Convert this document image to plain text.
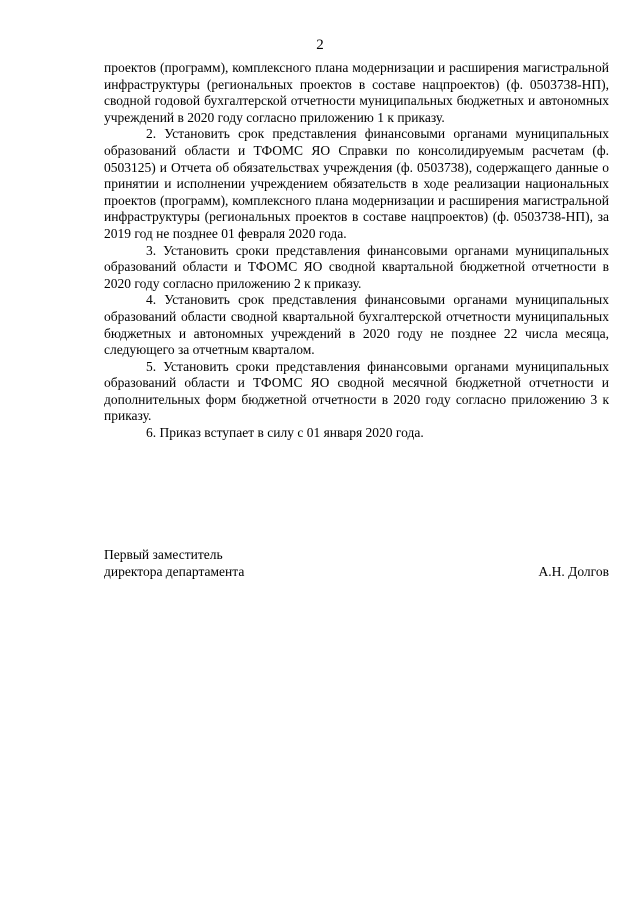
2

проектов (программ), комплексного плана модернизации и расширения магистральной инфраструктуры (региональных проектов в составе нацпроектов) (ф. 0503738-НП), сводной годовой бухгалтерской отчетности муниципальных бюджетных и автономных учреждений в 2020 году согласно приложению 1 к приказу.

2. Установить срок представления финансовыми органами муниципальных образований области и ТФОМС ЯО Справки по консолидируемым расчетам (ф. 0503125) и Отчета об обязательствах учреждения (ф. 0503738), содержащего данные о принятии и исполнении учреждением обязательств в ходе реализации национальных проектов (программ), комплексного плана модернизации и расширения магистральной инфраструктуры (региональных проектов в составе нацпроектов) (ф. 0503738-НП), за 2019 год не позднее 01 февраля 2020 года.

3. Установить сроки представления финансовыми органами муниципальных образований области и ТФОМС ЯО сводной квартальной бюджетной отчетности в 2020 году согласно приложению 2 к приказу.

4. Установить срок представления финансовыми органами муниципальных образований области сводной квартальной бухгалтерской отчетности муниципальных бюджетных и автономных учреждений в 2020 году не позднее 22 числа месяца, следующего за отчетным кварталом.

5. Установить сроки представления финансовыми органами муниципальных образований области и ТФОМС ЯО сводной месячной бюджетной отчетности и дополнительных форм бюджетной отчетности в 2020 году согласно приложению 3 к приказу.

6. Приказ вступает в силу с 01 января 2020 года.

Первый заместитель
директора департамента	А.Н. Долгов
